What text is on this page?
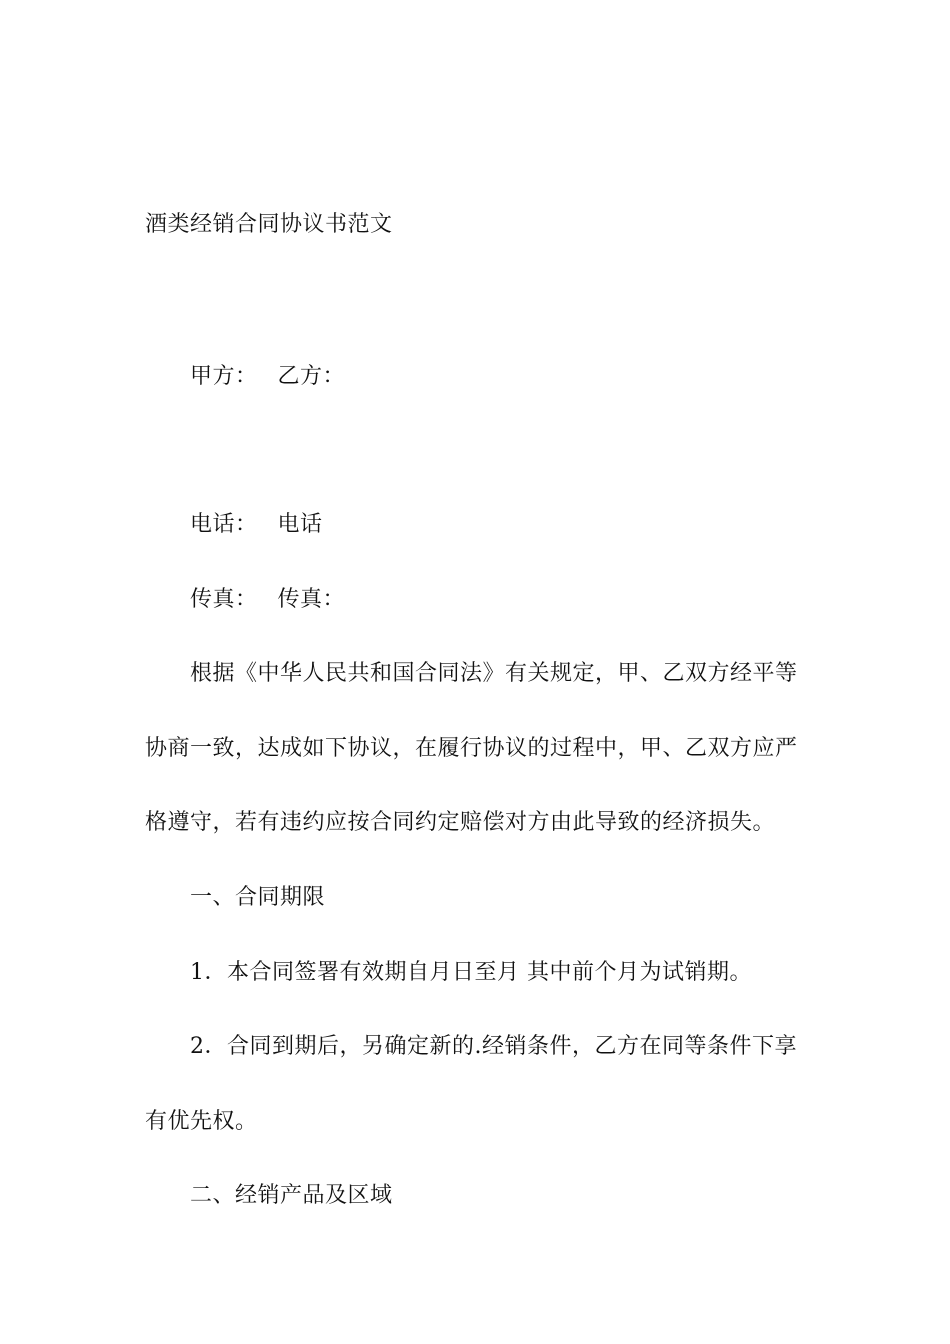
酒类经销合同协议书范文
甲方： 乙方：
电话： 电话
传真： 传真：
根据《中华人民共和国合同法》有关规定，甲、乙双方经平等
协商一致，达成如下协议，在履行协议的过程中，甲、乙双方应严
格遵守，若有违约应按合同约定赔偿对方由此导致的经济损失。
一、合同期限
1．本合同签署有效期自月日至月 其中前个月为试销期。
2．合同到期后，另确定新的.经销条件，乙方在同等条件下享
有优先权。
二、经销产品及区域
